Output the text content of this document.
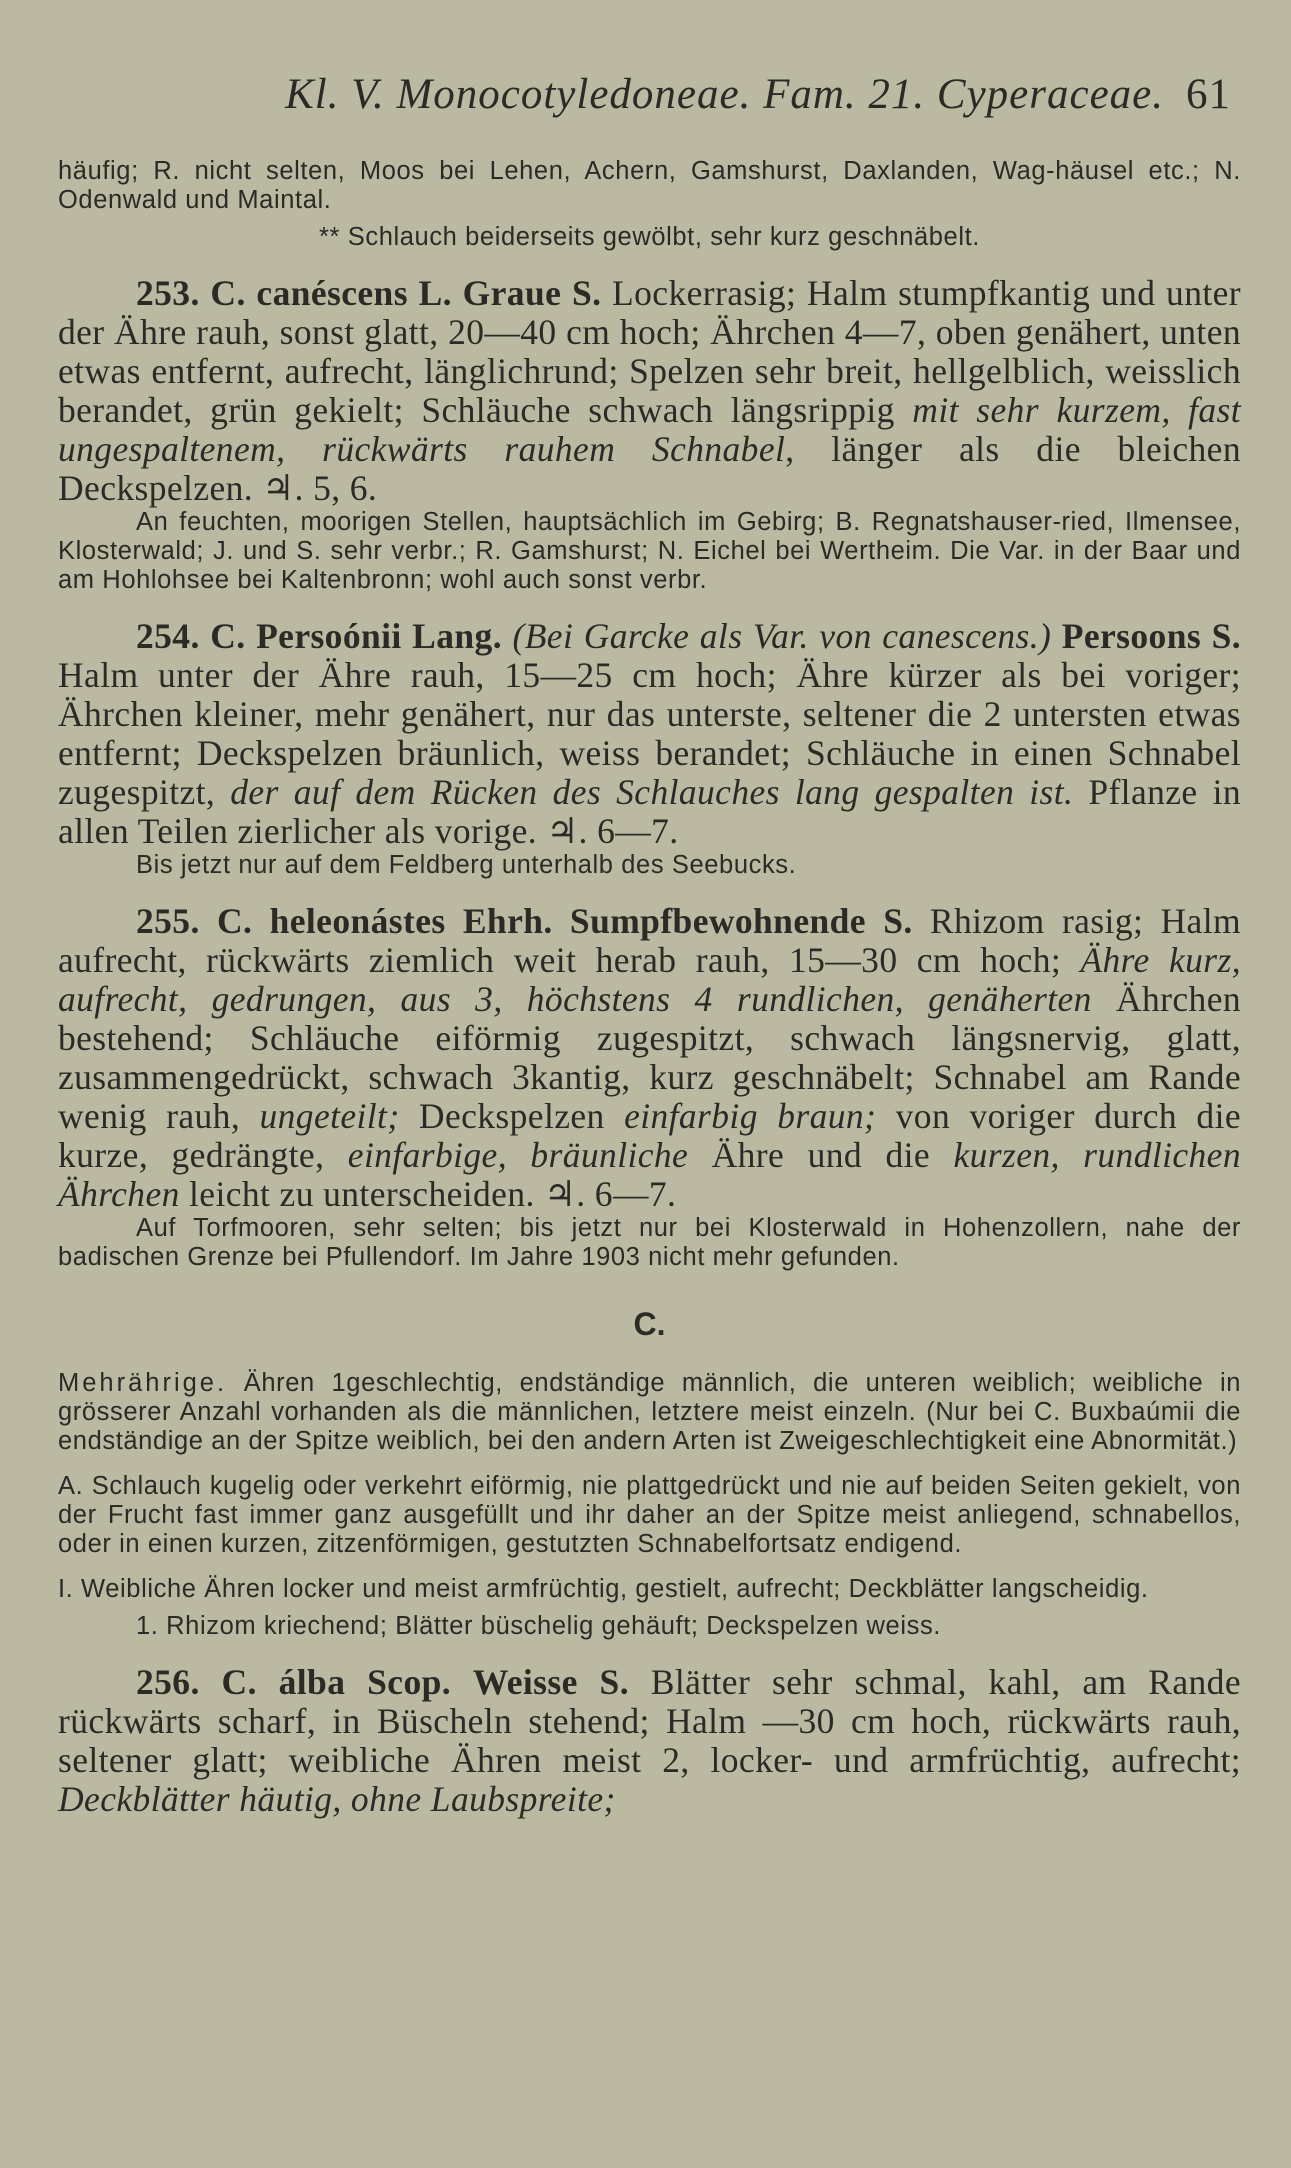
Kl. V. Monocotyledoneae. Fam. 21. Cyperaceae. 61
häufig; R. nicht selten, Moos bei Lehen, Achern, Gamshurst, Daxlanden, Wag-häusel etc.; N. Odenwald und Maintal.
** Schlauch beiderseits gewölbt, sehr kurz geschnäbelt.
253. C. canéscens L. Graue S. Lockerrasig; Halm stumpfkantig und unter der Ähre rauh, sonst glatt, 20—40 cm hoch; Ährchen 4—7, oben genähert, unten etwas entfernt, aufrecht, länglichrund; Spelzen sehr breit, hellgelblich, weisslich berandet, grün gekielt; Schläuche schwach längsrippig mit sehr kurzem, fast ungespaltenem, rückwärts rauhem Schnabel, länger als die bleichen Deckspelzen. ♃. 5, 6.
An feuchten, moorigen Stellen, hauptsächlich im Gebirg; B. Regnatshauser-ried, Ilmensee, Klosterwald; J. und S. sehr verbr.; R. Gamshurst; N. Eichel bei Wertheim. Die Var. in der Baar und am Hohlohsee bei Kaltenbronn; wohl auch sonst verbr.
254. C. Persoónii Lang. (Bei Garcke als Var. von canescens.) Persoons S. Halm unter der Ähre rauh, 15—25 cm hoch; Ähre kürzer als bei voriger; Ährchen kleiner, mehr genähert, nur das unterste, seltener die 2 untersten etwas entfernt; Deckspelzen bräunlich, weiss berandet; Schläuche in einen Schnabel zugespitzt, der auf dem Rücken des Schlauches lang gespalten ist. Pflanze in allen Teilen zierlicher als vorige. ♃. 6—7.
Bis jetzt nur auf dem Feldberg unterhalb des Seebucks.
255. C. heleonástes Ehrh. Sumpfbewohnende S. Rhizom rasig; Halm aufrecht, rückwärts ziemlich weit herab rauh, 15—30 cm hoch; Ähre kurz, aufrecht, gedrungen, aus 3, höchstens 4 rundlichen, genäherten Ährchen bestehend; Schläuche eiförmig zugespitzt, schwach längsnervig, glatt, zusammengedrückt, schwach 3kantig, kurz geschnäbelt; Schnabel am Rande wenig rauh, ungeteilt; Deckspelzen einfarbig braun; von voriger durch die kurze, gedrängte, einfarbige, bräunliche Ähre und die kurzen, rundlichen Ährchen leicht zu unterscheiden. ♃. 6—7.
Auf Torfmooren, sehr selten; bis jetzt nur bei Klosterwald in Hohenzollern, nahe der badischen Grenze bei Pfullendorf. Im Jahre 1903 nicht mehr gefunden.
C.
Mehrährige. Ähren 1geschlechtig, endständige männlich, die unteren weiblich; weibliche in grösserer Anzahl vorhanden als die männlichen, letztere meist einzeln. (Nur bei C. Buxbaúmii die endständige an der Spitze weiblich, bei den andern Arten ist Zweigeschlechtigkeit eine Abnormität.)
A. Schlauch kugelig oder verkehrt eiförmig, nie plattgedrückt und nie auf beiden Seiten gekielt, von der Frucht fast immer ganz ausgefüllt und ihr daher an der Spitze meist anliegend, schnabellos, oder in einen kurzen, zitzenförmigen, gestutzten Schnabelfortsatz endigend.
I. Weibliche Ähren locker und meist armfrüchtig, gestielt, aufrecht; Deckblätter langscheidig.
1. Rhizom kriechend; Blätter büschelig gehäuft; Deckspelzen weiss.
256. C. álba Scop. Weisse S. Blätter sehr schmal, kahl, am Rande rückwärts scharf, in Büscheln stehend; Halm —30 cm hoch, rückwärts rauh, seltener glatt; weibliche Ähren meist 2, locker- und armfrüchtig, aufrecht; Deckblätter häutig, ohne Laubspreite;
